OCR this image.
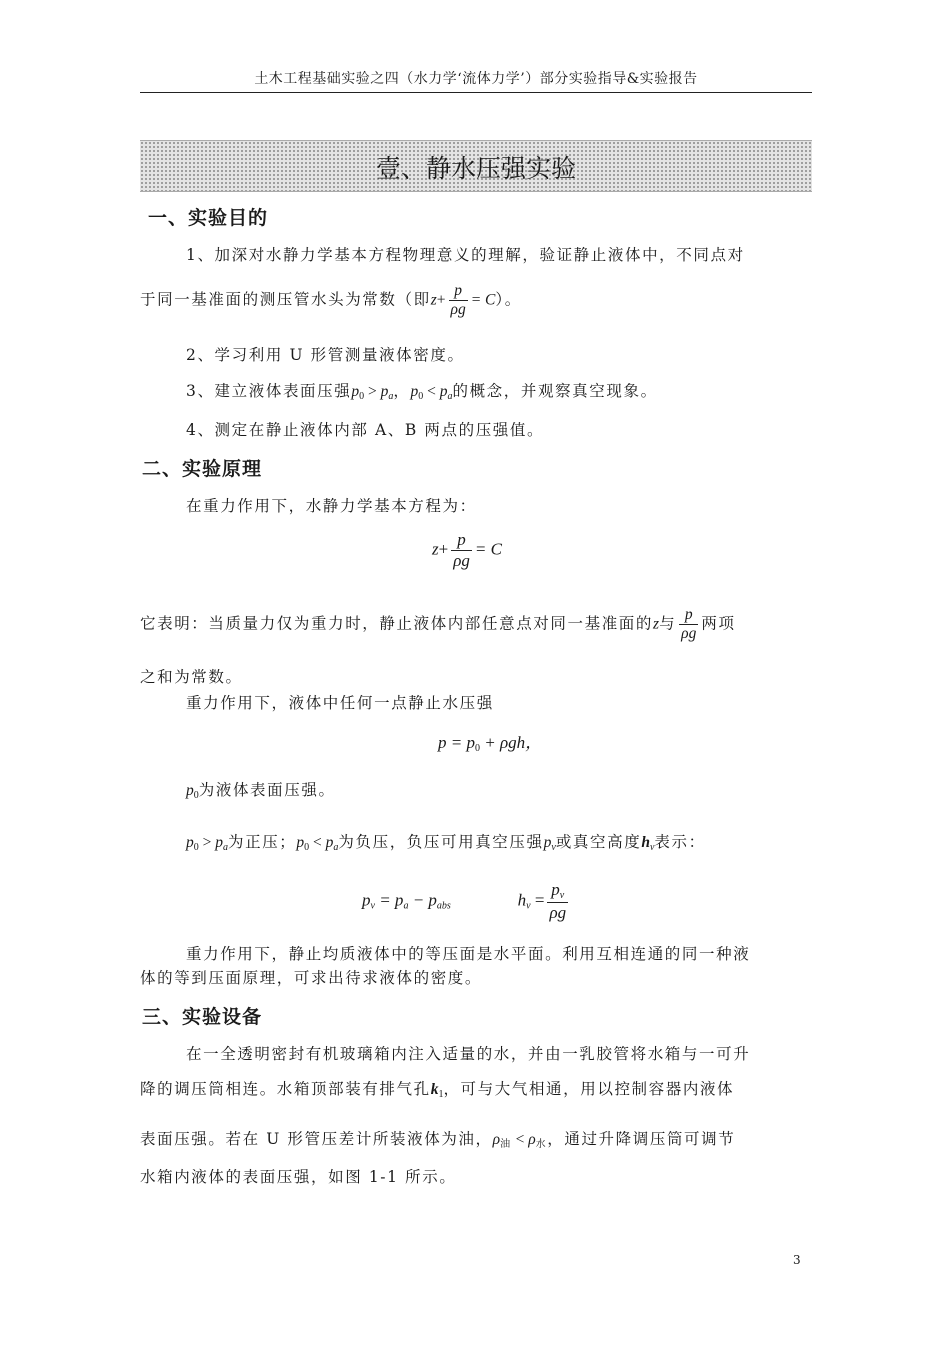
土木工程基础实验之四（水力学‘流体力学’）部分实验指导&实验报告
壹、静水压强实验
一、实验目的
1、加深对水静力学基本方程物理意义的理解，验证静止液体中，不同点对
于同一基准面的测压管水头为常数（即$z+ \frac{p}{\rho g} = C$）。
2、学习利用 U 形管测量液体密度。
3、建立液体表面压强$p_0 > p_a$，$p_0 < p_a$的概念，并观察真空现象。
4、测定在静止液体内部 A、B 两点的压强值。
二、实验原理
在重力作用下，水静力学基本方程为：
$z+ \frac{p}{\rho g} = C$
它表明：当质量力仅为重力时，静止液体内部任意点对同一基准面的z与 $\frac{p}{\rho g}$ 两项
之和为常数。
重力作用下，液体中任何一点静止水压强
$p = p_0 + \rho gh$，
$p_0$为液体表面压强。
$p_0 > p_a$为正压；$p_0 < p_a$为负压，负压可用真空压强$p_v$或真空高度$h_v$表示：
$p_v = p_a - p_{abs}$	$h_v = \frac{p_v}{\rho g}$
重力作用下，静止均质液体中的等压面是水平面。利用互相连通的同一种液
体的等到压面原理，可求出待求液体的密度。
三、实验设备
在一全透明密封有机玻璃箱内注入适量的水，并由一乳胶管将水箱与一可升
降的调压筒相连。水箱顶部装有排气孔$k_1$，可与大气相通，用以控制容器内液体
表面压强。若在 U 形管压差计所装液体为油，$\rho_油 < \rho_水$，通过升降调压筒可调节
水箱内液体的表面压强，如图 1-1 所示。
3
